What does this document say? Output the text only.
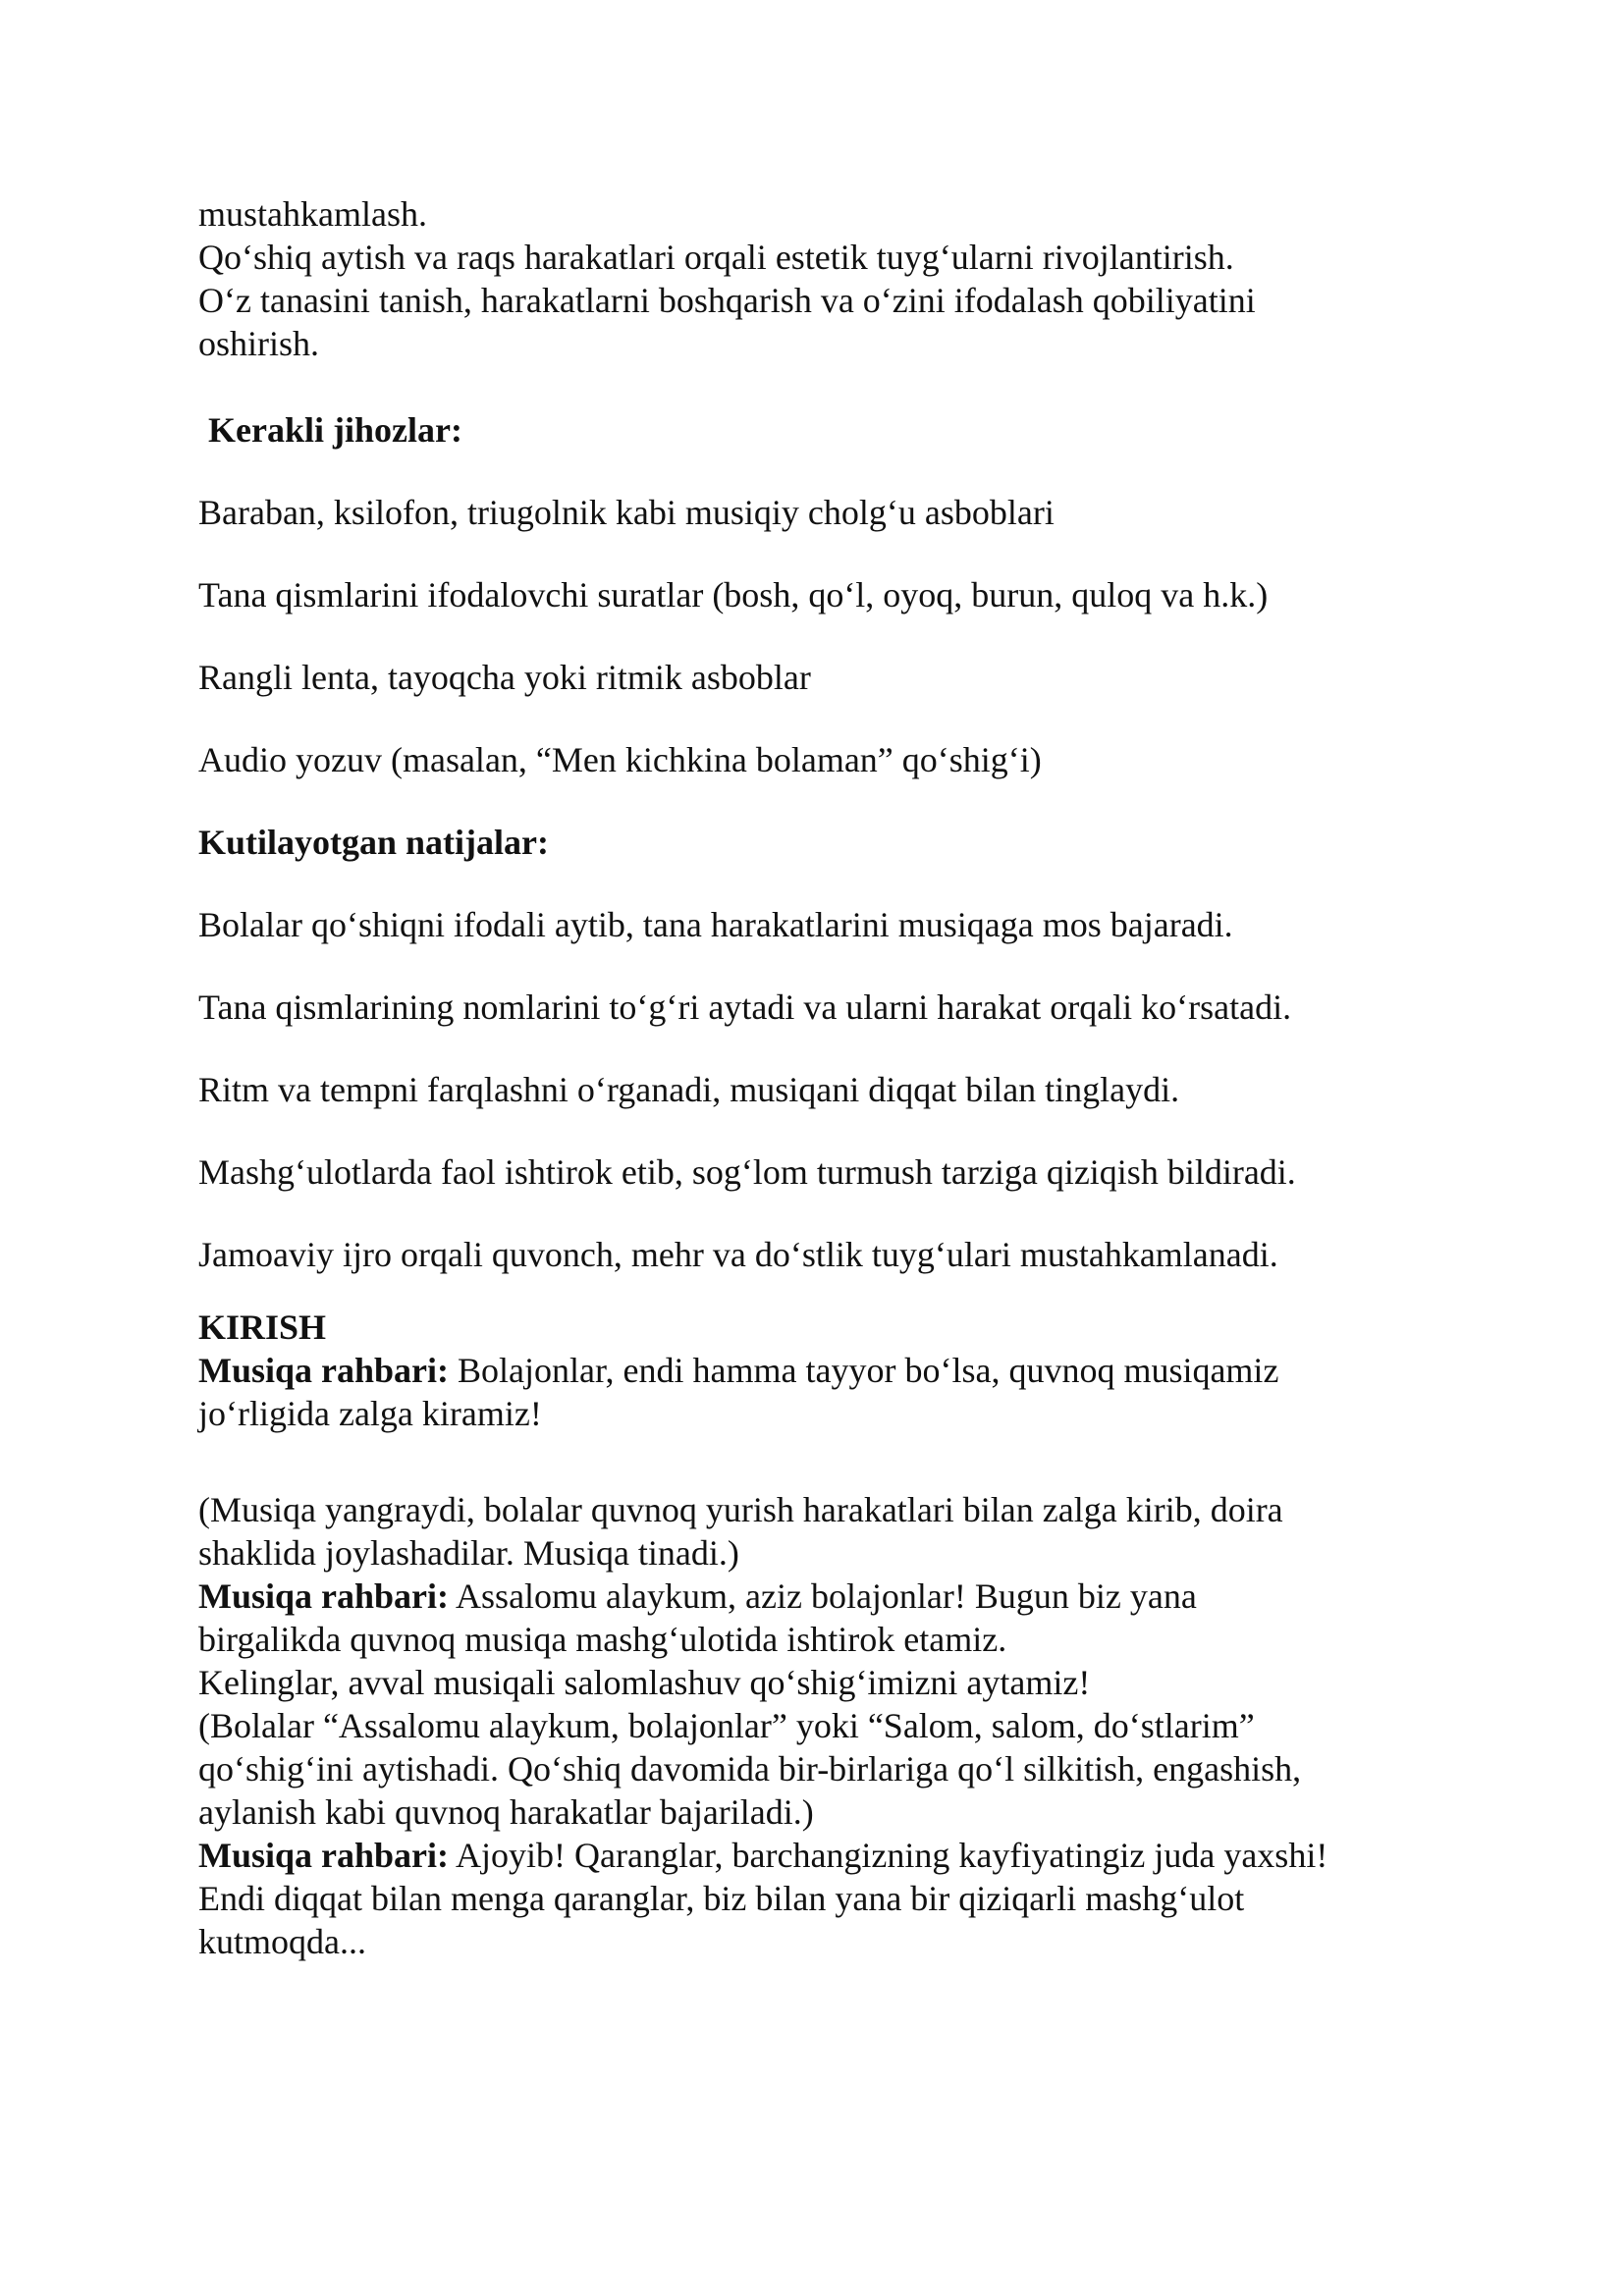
mustahkamlash.

Qo‘shiq aytish va raqs harakatlari orqali estetik tuyg‘ularni rivojlantirish.

O‘z tanasini tanish, harakatlarni boshqarish va o‘zini ifodalash qobiliyatini

oshirish.

Kerakli jihozlar:

Baraban, ksilofon, triugolnik kabi musiqiy cholg‘u asboblari

Tana qismlarini ifodalovchi suratlar (bosh, qo‘l, oyoq, burun, quloq va h.k.)

Rangli lenta, tayoqcha yoki ritmik asboblar

Audio yozuv (masalan, “Men kichkina bolaman” qo‘shig‘i)

Kutilayotgan natijalar:

Bolalar qo‘shiqni ifodali aytib, tana harakatlarini musiqaga mos bajaradi.

Tana qismlarining nomlarini to‘g‘ri aytadi va ularni harakat orqali ko‘rsatadi.

Ritm va tempni farqlashni o‘rganadi, musiqani diqqat bilan tinglaydi.

Mashg‘ulotlarda faol ishtirok etib, sog‘lom turmush tarziga qiziqish bildiradi.

Jamoaviy ijro orqali quvonch, mehr va do‘stlik tuyg‘ulari mustahkamlanadi.

KIRISH

Musiqa rahbari: Bolajonlar, endi hamma tayyor bo‘lsa, quvnoq musiqamiz

jo‘rligida zalga kiramiz!

(Musiqa yangraydi, bolalar quvnoq yurish harakatlari bilan zalga kirib, doira

shaklida joylashadilar. Musiqa tinadi.)

Musiqa rahbari: Assalomu alaykum, aziz bolajonlar! Bugun biz yana

birgalikda quvnoq musiqa mashg‘ulotida ishtirok etamiz.

Kelinglar, avval musiqali salomlashuv qo‘shig‘imizni aytamiz!

(Bolalar “Assalomu alaykum, bolajonlar” yoki “Salom, salom, do‘stlarim”

qo‘shig‘ini aytishadi. Qo‘shiq davomida bir-birlariga qo‘l silkitish, engashish,

aylanish kabi quvnoq harakatlar bajariladi.)

Musiqa rahbari: Ajoyib! Qaranglar, barchangizning kayfiyatingiz juda yaxshi!

Endi diqqat bilan menga qaranglar, biz bilan yana bir qiziqarli mashg‘ulot

kutmoqda...
